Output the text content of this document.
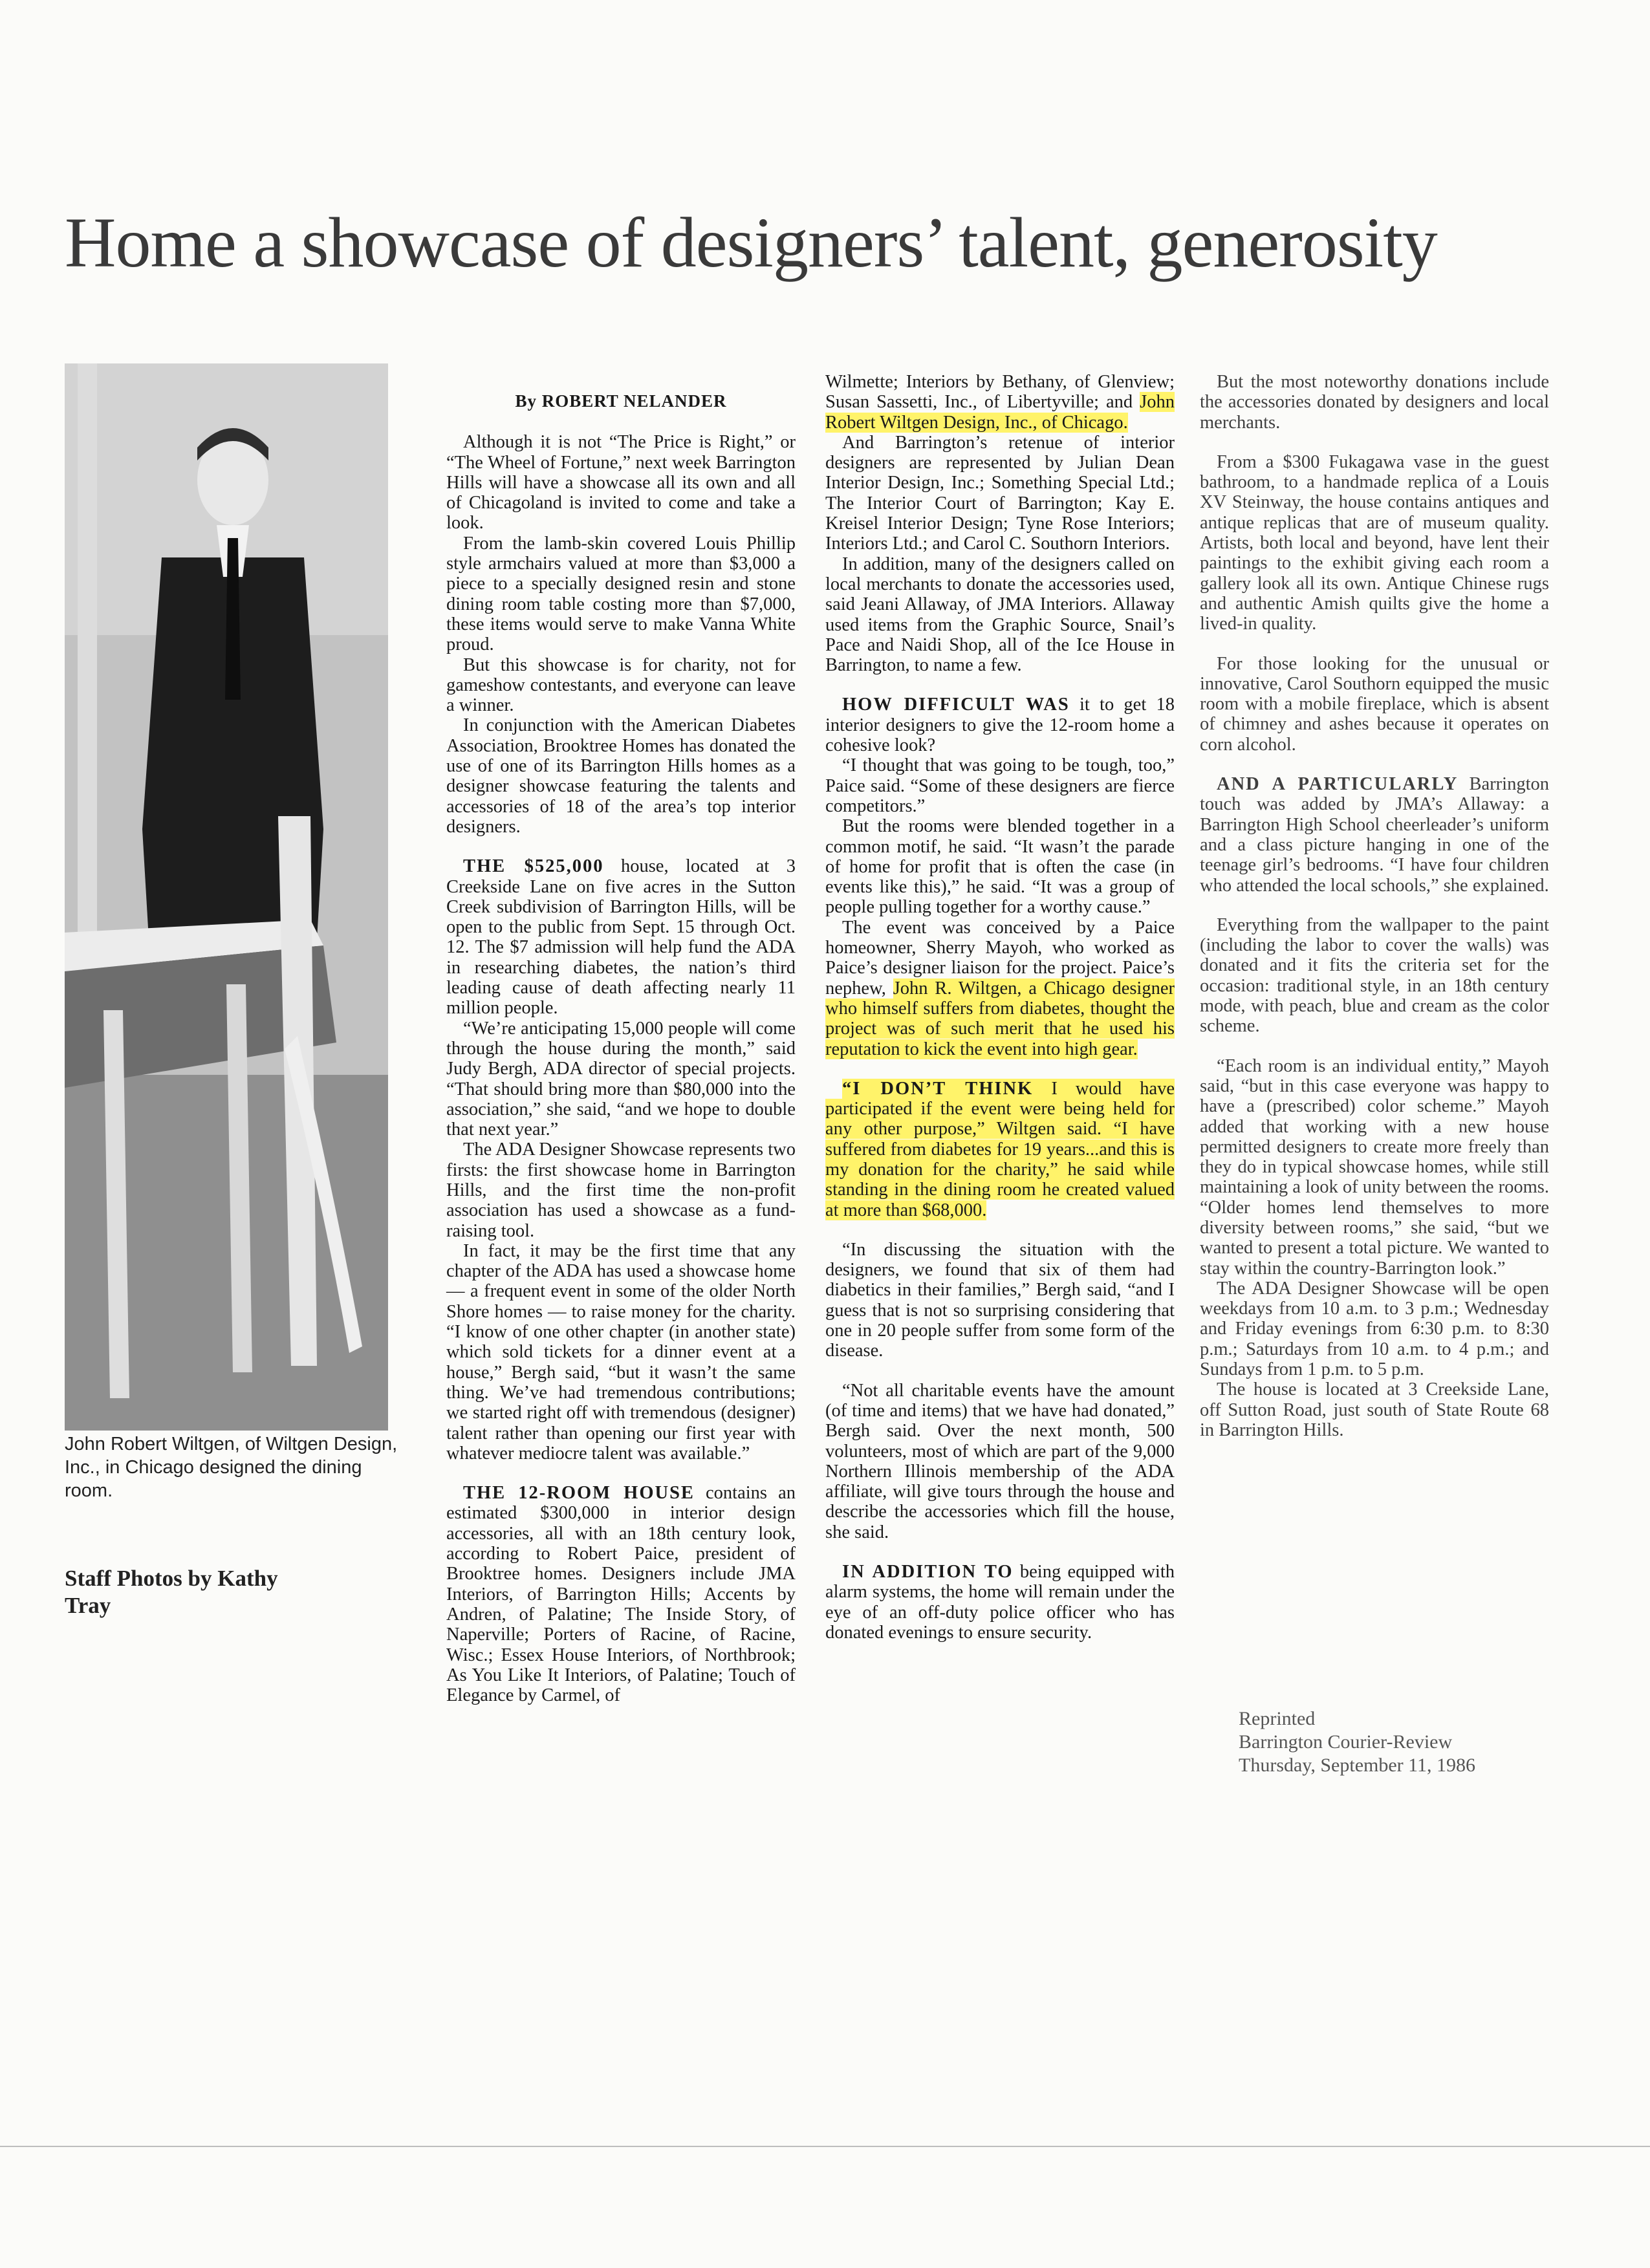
Home a showcase of designers’ talent, generosity
John Robert Wiltgen, of Wiltgen Design, Inc., in Chicago designed the dining room.
Staff Photos by Kathy Tray

By ROBERT NELANDER

Although it is not “The Price is Right,” or “The Wheel of Fortune,” next week Barrington Hills will have a showcase all its own and all of Chicagoland is invited to come and take a look.

From the lamb-skin covered Louis Phillip style armchairs valued at more than $3,000 a piece to a specially designed resin and stone dining room table costing more than $7,000, these items would serve to make Vanna White proud.

But this showcase is for charity, not for gameshow contestants, and everyone can leave a winner.

In conjunction with the American Diabetes Association, Brooktree Homes has donated the use of one of its Barrington Hills homes as a designer showcase featuring the talents and accessories of 18 of the area’s top interior designers.

THE $525,000 house, located at 3 Creekside Lane on five acres in the Sutton Creek subdivision of Barrington Hills, will be open to the public from Sept. 15 through Oct. 12. The $7 admission will help fund the ADA in researching diabetes, the nation’s third leading cause of death affecting nearly 11 million people.

“We’re anticipating 15,000 people will come through the house during the month,” said Judy Bergh, ADA director of special projects. “That should bring more than $80,000 into the association,” she said, “and we hope to double that next year.”

The ADA Designer Showcase represents two firsts: the first showcase home in Barrington Hills, and the first time the non-profit association has used a showcase as a fund-raising tool.

In fact, it may be the first time that any chapter of the ADA has used a showcase home — a frequent event in some of the older North Shore homes — to raise money for the charity. “I know of one other chapter (in another state) which sold tickets for a dinner event at a house,” Bergh said, “but it wasn’t the same thing. We’ve had tremendous contributions; we started right off with tremendous (designer) talent rather than opening our first year with whatever mediocre talent was available.”

THE 12-ROOM HOUSE contains an estimated $300,000 in interior design accessories, all with an 18th century look, according to Robert Paice, president of Brooktree homes. Designers include JMA Interiors, of Barrington Hills; Accents by Andren, of Palatine; The Inside Story, of Naperville; Porters of Racine, of Racine, Wisc.; Essex House Interiors, of Northbrook; As You Like It Interiors, of Palatine; Touch of Elegance by Carmel, of

Wilmette; Interiors by Bethany, of Glenview; Susan Sassetti, Inc., of Libertyville; and John Robert Wiltgen Design, Inc., of Chicago.

And Barrington’s retenue of interior designers are represented by Julian Dean Interior Design, Inc.; Something Special Ltd.; The Interior Court of Barrington; Kay E. Kreisel Interior Design; Tyne Rose Interiors; Interiors Ltd.; and Carol C. Southorn Interiors.

In addition, many of the designers called on local merchants to donate the accessories used, said Jeani Allaway, of JMA Interiors. Allaway used items from the Graphic Source, Snail’s Pace and Naidi Shop, all of the Ice House in Barrington, to name a few.

HOW DIFFICULT WAS it to get 18 interior designers to give the 12-room home a cohesive look?

“I thought that was going to be tough, too,” Paice said. “Some of these designers are fierce competitors.”

But the rooms were blended together in a common motif, he said. “It wasn’t the parade of home for profit that is often the case (in events like this),” he said. “It was a group of people pulling together for a worthy cause.”

The event was conceived by a Paice homeowner, Sherry Mayoh, who worked as Paice’s designer liaison for the project. Paice’s nephew, John R. Wiltgen, a Chicago designer who himself suffers from diabetes, thought the project was of such merit that he used his reputation to kick the event into high gear.

“I DON’T THINK I would have participated if the event were being held for any other purpose,” Wiltgen said. “I have suffered from diabetes for 19 years...and this is my donation for the charity,” he said while standing in the dining room he created valued at more than $68,000.

“In discussing the situation with the designers, we found that six of them had diabetics in their families,” Bergh said, “and I guess that is not so surprising considering that one in 20 people suffer from some form of the disease.

“Not all charitable events have the amount (of time and items) that we have had donated,” Bergh said. Over the next month, 500 volunteers, most of which are part of the 9,000 Northern Illinois membership of the ADA affiliate, will give tours through the house and describe the accessories which fill the house, she said.

IN ADDITION TO being equipped with alarm systems, the home will remain under the eye of an off-duty police officer who has donated evenings to ensure security.

But the most noteworthy donations include the accessories donated by designers and local merchants.

From a $300 Fukagawa vase in the guest bathroom, to a handmade replica of a Louis XV Steinway, the house contains antiques and antique replicas that are of museum quality. Artists, both local and beyond, have lent their paintings to the exhibit giving each room a gallery look all its own. Antique Chinese rugs and authentic Amish quilts give the home a lived-in quality.

For those looking for the unusual or innovative, Carol Southorn equipped the music room with a mobile fireplace, which is absent of chimney and ashes because it operates on corn alcohol.

AND A PARTICULARLY Barrington touch was added by JMA’s Allaway: a Barrington High School cheerleader’s uniform and a class picture hanging in one of the teenage girl’s bedrooms. “I have four children who attended the local schools,” she explained.

Everything from the wallpaper to the paint (including the labor to cover the walls) was donated and it fits the criteria set for the occasion: traditional style, in an 18th century mode, with peach, blue and cream as the color scheme.

“Each room is an individual entity,” Mayoh said, “but in this case everyone was happy to have a (prescribed) color scheme.” Mayoh added that working with a new house permitted designers to create more freely than they do in typical showcase homes, while still maintaining a look of unity between the rooms. “Older homes lend themselves to more diversity between rooms,” she said, “but we wanted to present a total picture. We wanted to stay within the country-Barrington look.”

The ADA Designer Showcase will be open weekdays from 10 a.m. to 3 p.m.; Wednesday and Friday evenings from 6:30 p.m. to 8:30 p.m.; Saturdays from 10 a.m. to 4 p.m.; and Sundays from 1 p.m. to 5 p.m.

The house is located at 3 Creekside Lane, off Sutton Road, just south of State Route 68 in Barrington Hills.

Reprinted
Barrington Courier-Review
Thursday, September 11, 1986
